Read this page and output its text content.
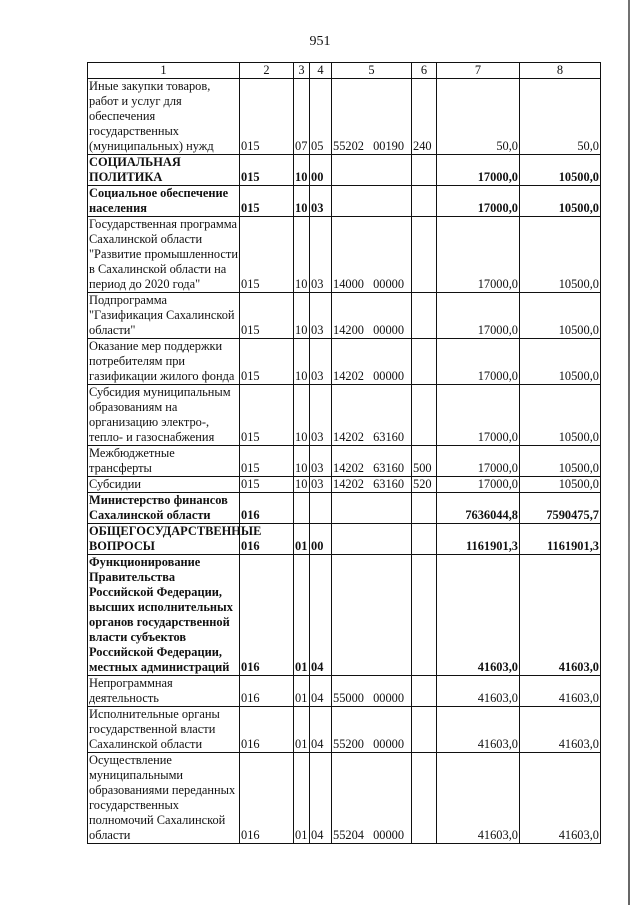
951
1	2	3	4	5	6	7	8
Иные закупки товаров, работ и услуг для обеспечения государственных (муниципальных) нужд	015	07	05	55202 00190	240	50,0	50,0
СОЦИАЛЬНАЯ ПОЛИТИКА	015	10	00			17000,0	10500,0
Социальное обеспечение населения	015	10	03			17000,0	10500,0
Государственная программа Сахалинской области "Развитие промышленности в Сахалинской области на период до 2020 года"	015	10	03	14000 00000		17000,0	10500,0
Подпрограмма "Газификация Сахалинской области"	015	10	03	14200 00000		17000,0	10500,0
Оказание мер поддержки потребителям при газификации жилого фонда	015	10	03	14202 00000		17000,0	10500,0
Субсидия муниципальным образованиям на организацию электро-, тепло- и газоснабжения	015	10	03	14202 63160		17000,0	10500,0
Межбюджетные трансферты	015	10	03	14202 63160	500	17000,0	10500,0
Субсидии	015	10	03	14202 63160	520	17000,0	10500,0
Министерство финансов Сахалинской области	016					7636044,8	7590475,7
ОБЩЕГОСУДАРСТВЕННЫЕ ВОПРОСЫ	016	01	00			1161901,3	1161901,3
Функционирование Правительства Российской Федерации, высших исполнительных органов государственной власти субъектов Российской Федерации, местных администраций	016	01	04			41603,0	41603,0
Непрограммная деятельность	016	01	04	55000 00000		41603,0	41603,0
Исполнительные органы государственной власти Сахалинской области	016	01	04	55200 00000		41603,0	41603,0
Осуществление муниципальными образованиями переданных государственных полномочий Сахалинской области	016	01	04	55204 00000		41603,0	41603,0
